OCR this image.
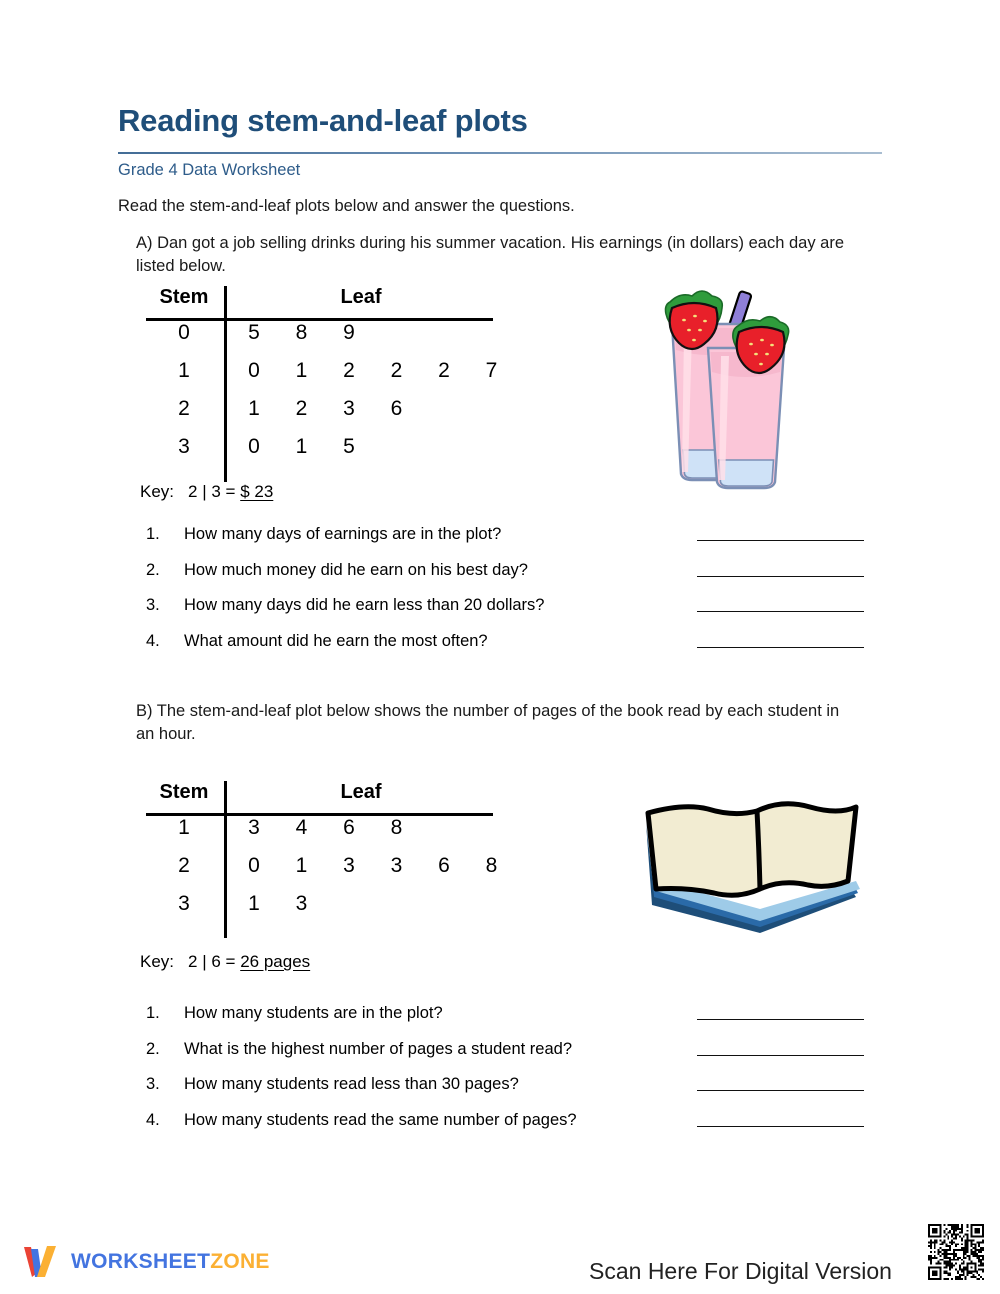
Reading stem-and-leaf plots
Grade 4 Data Worksheet
Read the stem-and-leaf plots below and answer the questions.
A) Dan got a job selling drinks during his summer vacation. His earnings (in dollars) each day are listed below.
Stem	Leaf
0	5 8 9
1	0 1 2 2 2 7
2	1 2 3 6
3	0 1 5
Key: 2 | 3 = $ 23
1.	How many days of earnings are in the plot?
2.	How much money did he earn on his best day?
3.	How many days did he earn less than 20 dollars?
4.	What amount did he earn the most often?
B) The stem-and-leaf plot below shows the number of pages of the book read by each student in an hour.
Stem	Leaf
1	3 4 6 8
2	0 1 3 3 6 8
3	1 3
Key: 2 | 6 = 26 pages
1.	How many students are in the plot?
2.	What is the highest number of pages a student read?
3.	How many students read less than 30 pages?
4.	How many students read the same number of pages?
WORKSHEETZONE	Scan Here For Digital Version
